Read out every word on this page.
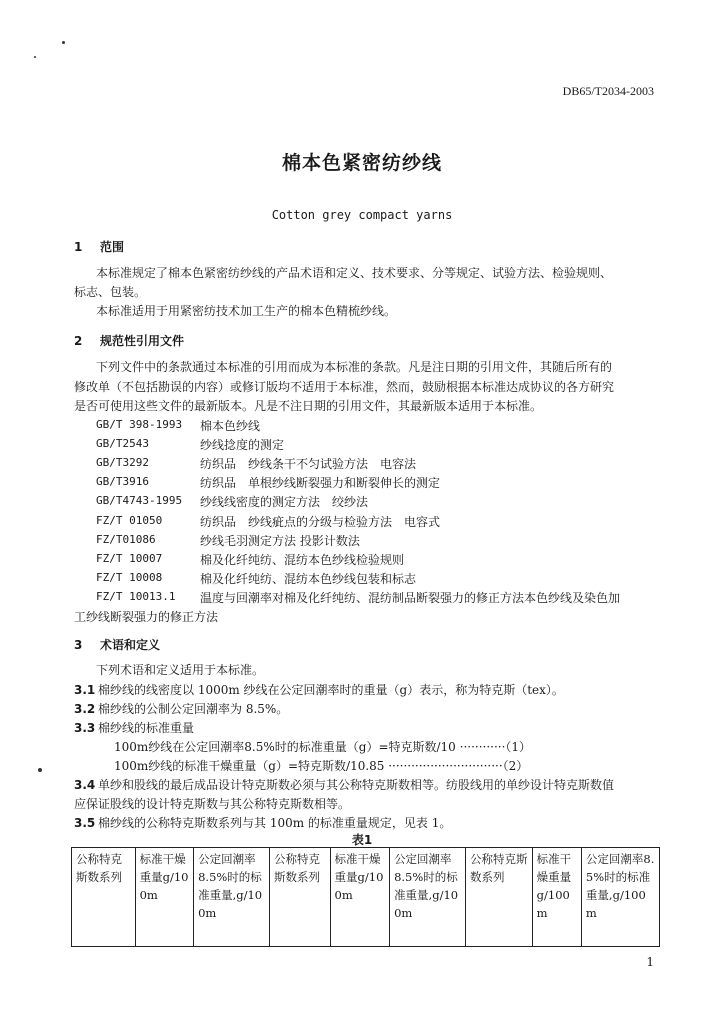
DB65/T2034-2003
棉本色紧密纺纱线
Cotton grey compact yarns
1 范围
本标准规定了棉本色紧密纺纱线的产品术语和定义、技术要求、分等规定、试验方法、检验规则、
标志、包装。
本标准适用于用紧密纺技术加工生产的棉本色精梳纱线。
2 规范性引用文件
下列文件中的条款通过本标准的引用而成为本标准的条款。凡是注日期的引用文件，其随后所有的
修改单（不包括勘误的内容）或修订版均不适用于本标准，然而，鼓励根据本标准达成协议的各方研究
是否可使用这些文件的最新版本。凡是不注日期的引用文件，其最新版本适用于本标准。
GB/T 398-1993 棉本色纱线
GB/T2543	纱线捻度的测定
GB/T3292	纺织品　纱线条干不匀试验方法　电容法
GB/T3916	纺织品　单根纱线断裂强力和断裂伸长的测定
GB/T4743-1995 纱线线密度的测定方法　绞纱法
FZ/T 01050	纺织品　纱线疵点的分级与检验方法　电容式
FZ/T01086	纱线毛羽测定方法 投影计数法
FZ/T 10007	棉及化纤纯纺、混纺本色纱线检验规则
FZ/T 10008	棉及化纤纯纺、混纺本色纱线包装和标志
FZ/T 10013.1 温度与回潮率对棉及化纤纯纺、混纺制品断裂强力的修正方法本色纱线及染色加
工纱线断裂强力的修正方法
3 术语和定义
下列术语和定义适用于本标准。
3.1 棉纱线的线密度以 1000m 纱线在公定回潮率时的重量（g）表示，称为特克斯（tex）。
3.2 棉纱线的公制公定回潮率为 8.5%。
3.3 棉纱线的标准重量
100m纱线在公定回潮率8.5%时的标准重量（g）=特克斯数/10 ············（1）
100m纱线的标准干燥重量（g）=特克斯数/10.85 ······························（2）
3.4 单纱和股线的最后成品设计特克斯数必须与其公称特克斯数相等。纺股线用的单纱设计特克斯数值
应保证股线的设计特克斯数与其公称特克斯数相等。
3.5 棉纱线的公称特克斯数系列与其 100m 的标准重量规定，见表 1。
表1
公称特克斯数系列	标准干燥重量g/100m	公定回潮率 8.5%时的标准重量,g/100m	公称特克斯数系列	标准干燥重量g/100m	公定回潮率 8.5%时的标准重量,g/100m	公称特克斯数系列	标准干燥重量g/100m	公定回潮率8.5%时的标准重量,g/100m
1
